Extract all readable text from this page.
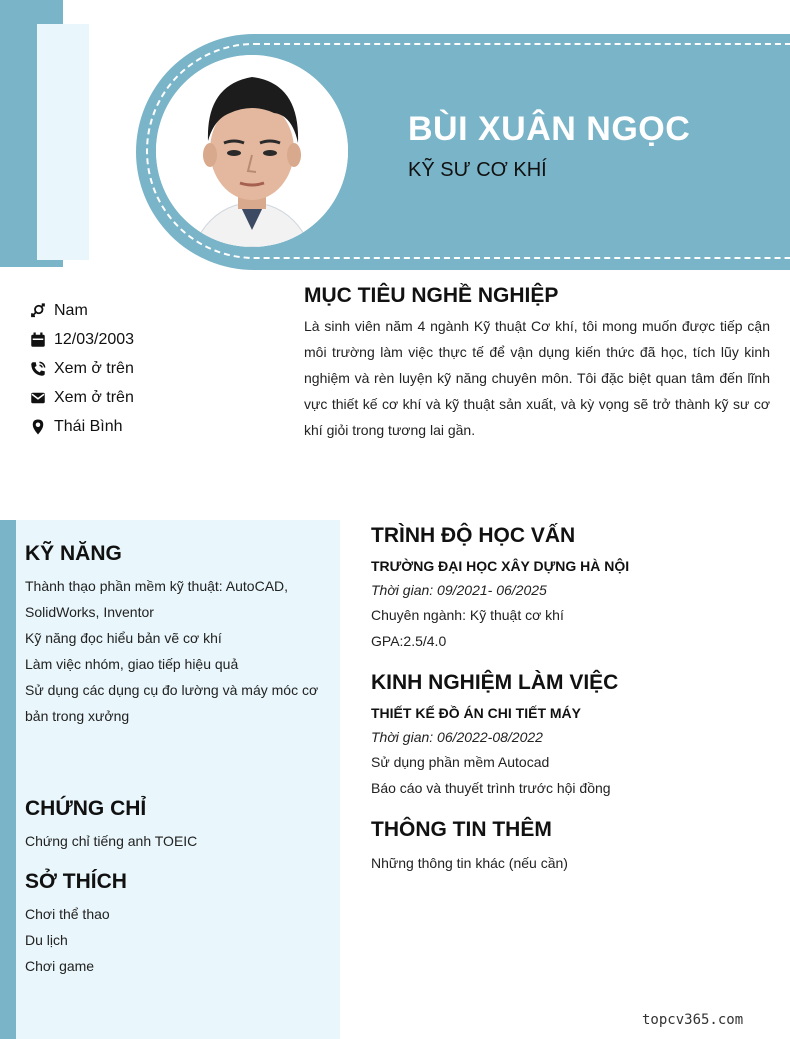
BÙI XUÂN NGỌC
KỸ SƯ CƠ KHÍ
Nam
12/03/2003
Xem ở trên
Xem ở trên
Thái Bình
MỤC TIÊU NGHỀ NGHIỆP
Là sinh viên năm 4 ngành Kỹ thuật Cơ khí, tôi mong muốn được tiếp cận môi trường làm việc thực tế để vận dụng kiến thức đã học, tích lũy kinh nghiệm và rèn luyện kỹ năng chuyên môn. Tôi đặc biệt quan tâm đến lĩnh vực thiết kế cơ khí và kỹ thuật sản xuất, và kỳ vọng sẽ trở thành kỹ sư cơ khí giỏi trong tương lai gần.
KỸ NĂNG
Thành thạo phần mềm kỹ thuật: AutoCAD, SolidWorks, Inventor
Kỹ năng đọc hiểu bản vẽ cơ khí
Làm việc nhóm, giao tiếp hiệu quả
Sử dụng các dụng cụ đo lường và máy móc cơ bản trong xưởng
CHỨNG CHỈ
Chứng chỉ tiếng anh TOEIC
SỞ THÍCH
Chơi thể thao
Du lịch
Chơi game
TRÌNH ĐỘ HỌC VẤN
TRƯỜNG ĐẠI HỌC XÂY DỰNG HÀ NỘI
Thời gian: 09/2021- 06/2025
Chuyên ngành: Kỹ thuật cơ khí
GPA:2.5/4.0
KINH NGHIỆM LÀM VIỆC
THIẾT KẾ ĐỒ ÁN CHI TIẾT MÁY
Thời gian: 06/2022-08/2022
Sử dụng phần mềm Autocad
Báo cáo và thuyết trình trước hội đồng
THÔNG TIN THÊM
Những thông tin khác (nếu cần)
topcv365.com
